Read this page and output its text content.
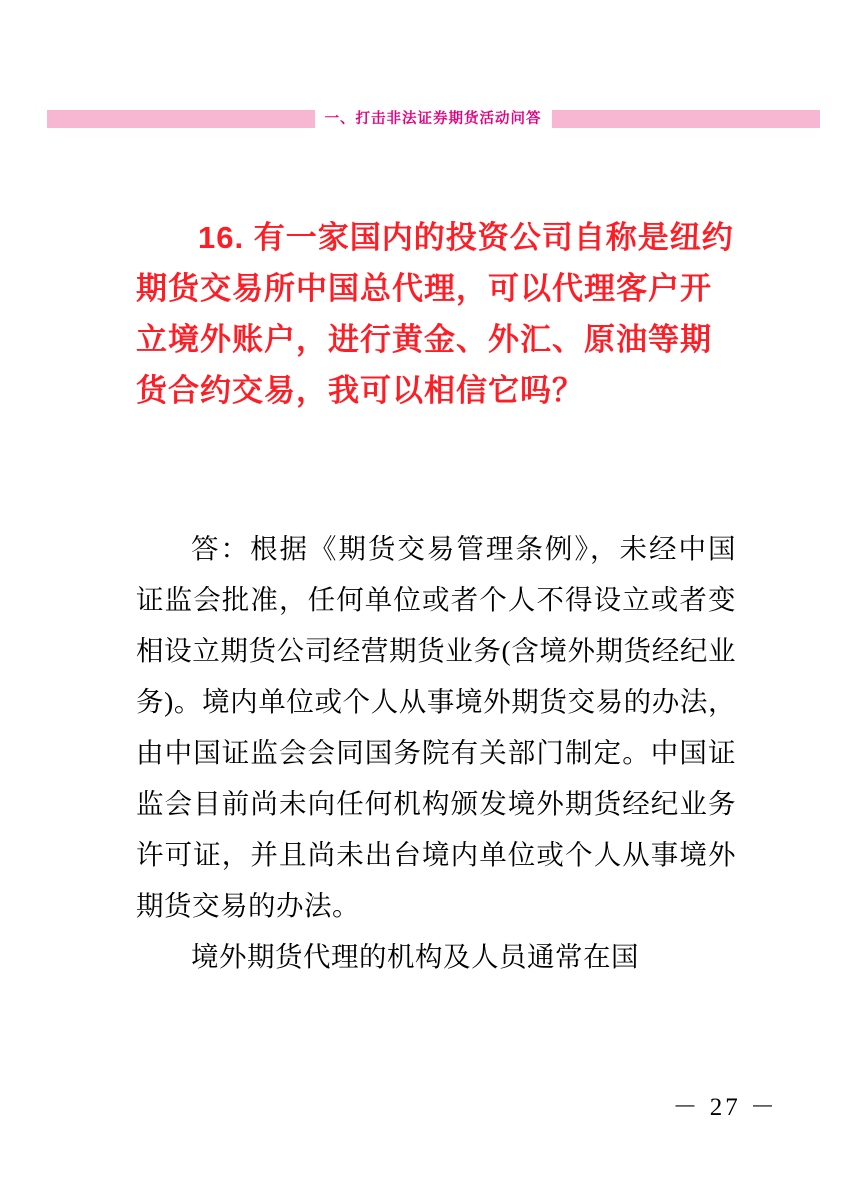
一、打击非法证券期货活动问答
16. 有一家国内的投资公司自称是纽约期货交易所中国总代理，可以代理客户开立境外账户，进行黄金、外汇、原油等期货合约交易，我可以相信它吗？

答：根据《期货交易管理条例》，未经中国证监会批准，任何单位或者个人不得设立或者变相设立期货公司经营期货业务(含境外期货经纪业务)。境内单位或个人从事境外期货交易的办法，由中国证监会会同国务院有关部门制定。中国证监会目前尚未向任何机构颁发境外期货经纪业务许可证，并且尚未出台境内单位或个人从事境外期货交易的办法。

境外期货代理的机构及人员通常在国

－ 27 －
